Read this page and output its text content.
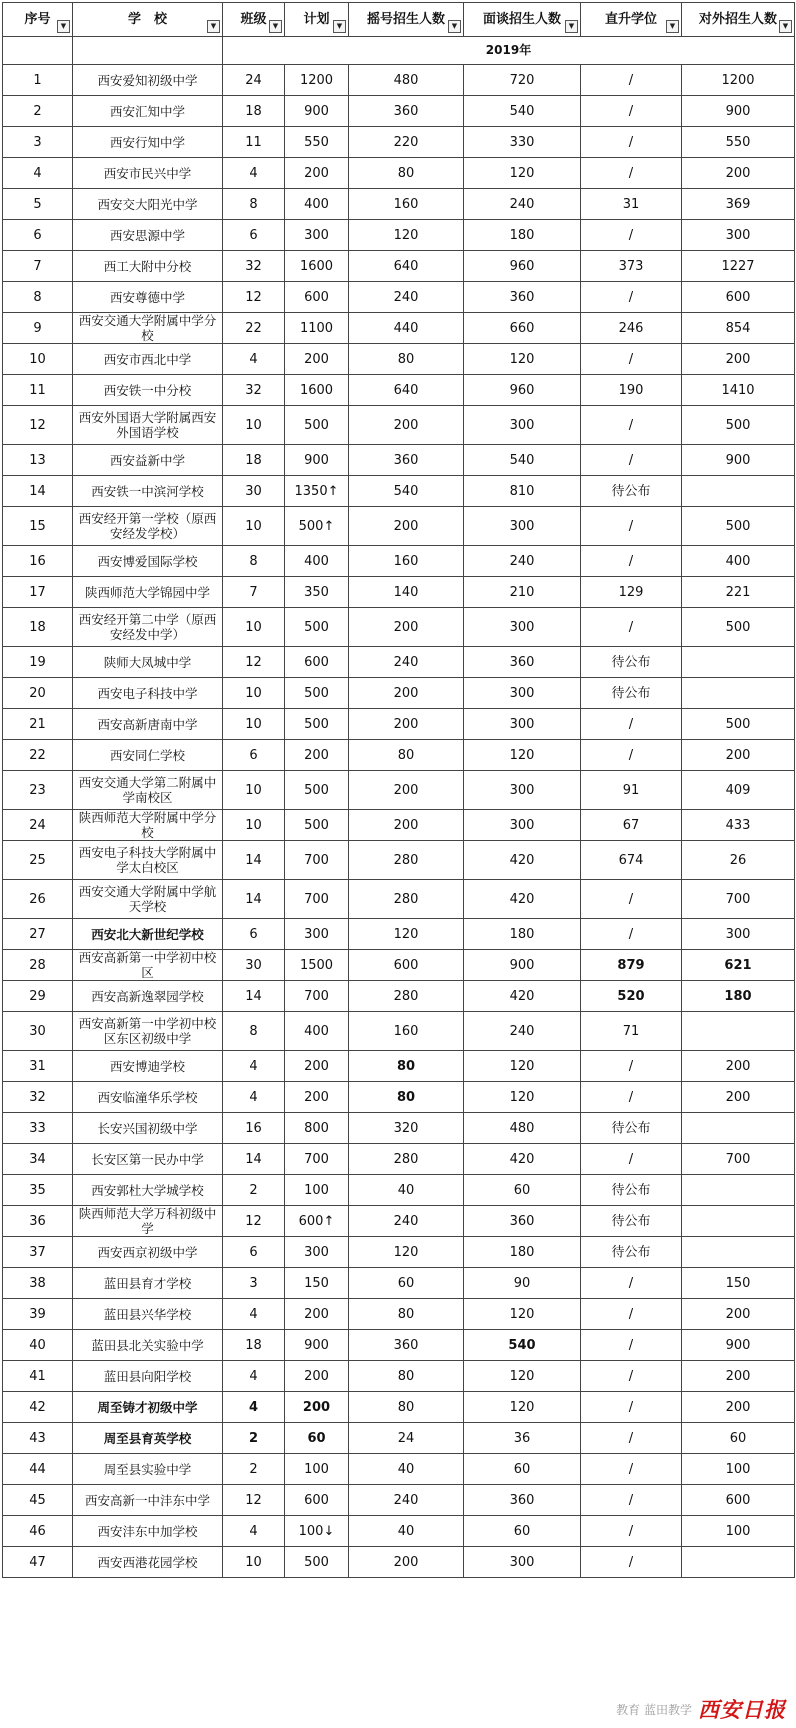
序号 ▼	学　校 ▼	班级 ▼	计划 ▼	摇号招生人数 ▼	面谈招生人数 ▼	直升学位 ▼	对外招生人数 ▼

		2019年					
1	西安爱知初级中学	24	1200	480	720	/	1200
2	西安汇知中学	18	900	360	540	/	900
3	西安行知中学	11	550	220	330	/	550
4	西安市民兴中学	4	200	80	120	/	200
5	西安交大阳光中学	8	400	160	240	31	369
6	西安思源中学	6	300	120	180	/	300
7	西工大附中分校	32	1600	640	960	373	1227
8	西安尊德中学	12	600	240	360	/	600
9	西安交通大学附属中学分校	22	1100	440	660	246	854
10	西安市西北中学	4	200	80	120	/	200
11	西安铁一中分校	32	1600	640	960	190	1410
12	西安外国语大学附属西安外国语学校	10	500	200	300	/	500
13	西安益新中学	18	900	360	540	/	900
14	西安铁一中滨河学校	30	1350↑	540	810	待公布	
15	西安经开第一学校（原西安经发学校）	10	500↑	200	300	/	500
16	西安博爱国际学校	8	400	160	240	/	400
17	陕西师范大学锦园中学	7	350	140	210	129	221
18	西安经开第二中学（原西安经发中学）	10	500	200	300	/	500
19	陕师大凤城中学	12	600	240	360	待公布	
20	西安电子科技中学	10	500	200	300	待公布	
21	西安高新唐南中学	10	500	200	300	/	500
22	西安同仁学校	6	200	80	120	/	200
23	西安交通大学第二附属中学南校区	10	500	200	300	91	409
24	陕西师范大学附属中学分校	10	500	200	300	67	433
25	西安电子科技大学附属中学太白校区	14	700	280	420	674	26
26	西安交通大学附属中学航天学校	14	700	280	420	/	700
27	西安北大新世纪学校	6	300	120	180	/	300
28	西安高新第一中学初中校区	30	1500	600	900	879	621
29	西安高新逸翠园学校	14	700	280	420	520	180
30	西安高新第一中学初中校区东区初级中学	8	400	160	240	71	
31	西安博迪学校	4	200	80	120	/	200
32	西安临潼华乐学校	4	200	80	120	/	200
33	长安兴国初级中学	16	800	320	480	待公布	
34	长安区第一民办中学	14	700	280	420	/	700
35	西安郭杜大学城学校	2	100	40	60	待公布	
36	陕西师范大学万科初级中学	12	600↑	240	360	待公布	
37	西安西京初级中学	6	300	120	180	待公布	
38	蓝田县育才学校	3	150	60	90	/	150
39	蓝田县兴华学校	4	200	80	120	/	200
40	蓝田县北关实验中学	18	900	360	540	/	900
41	蓝田县向阳学校	4	200	80	120	/	200
42	周至铸才初级中学	4	200	80	120	/	200
43	周至县育英学校	2	60	24	36	/	60
44	周至县实验中学	2	100	40	60	/	100
45	西安高新一中沣东中学	12	600	240	360	/	600
46	西安沣东中加学校	4	100↓	40	60	/	100
47	西安西港花园学校	10	500	200	300	/	
教育 蓝田教学 西安日报
